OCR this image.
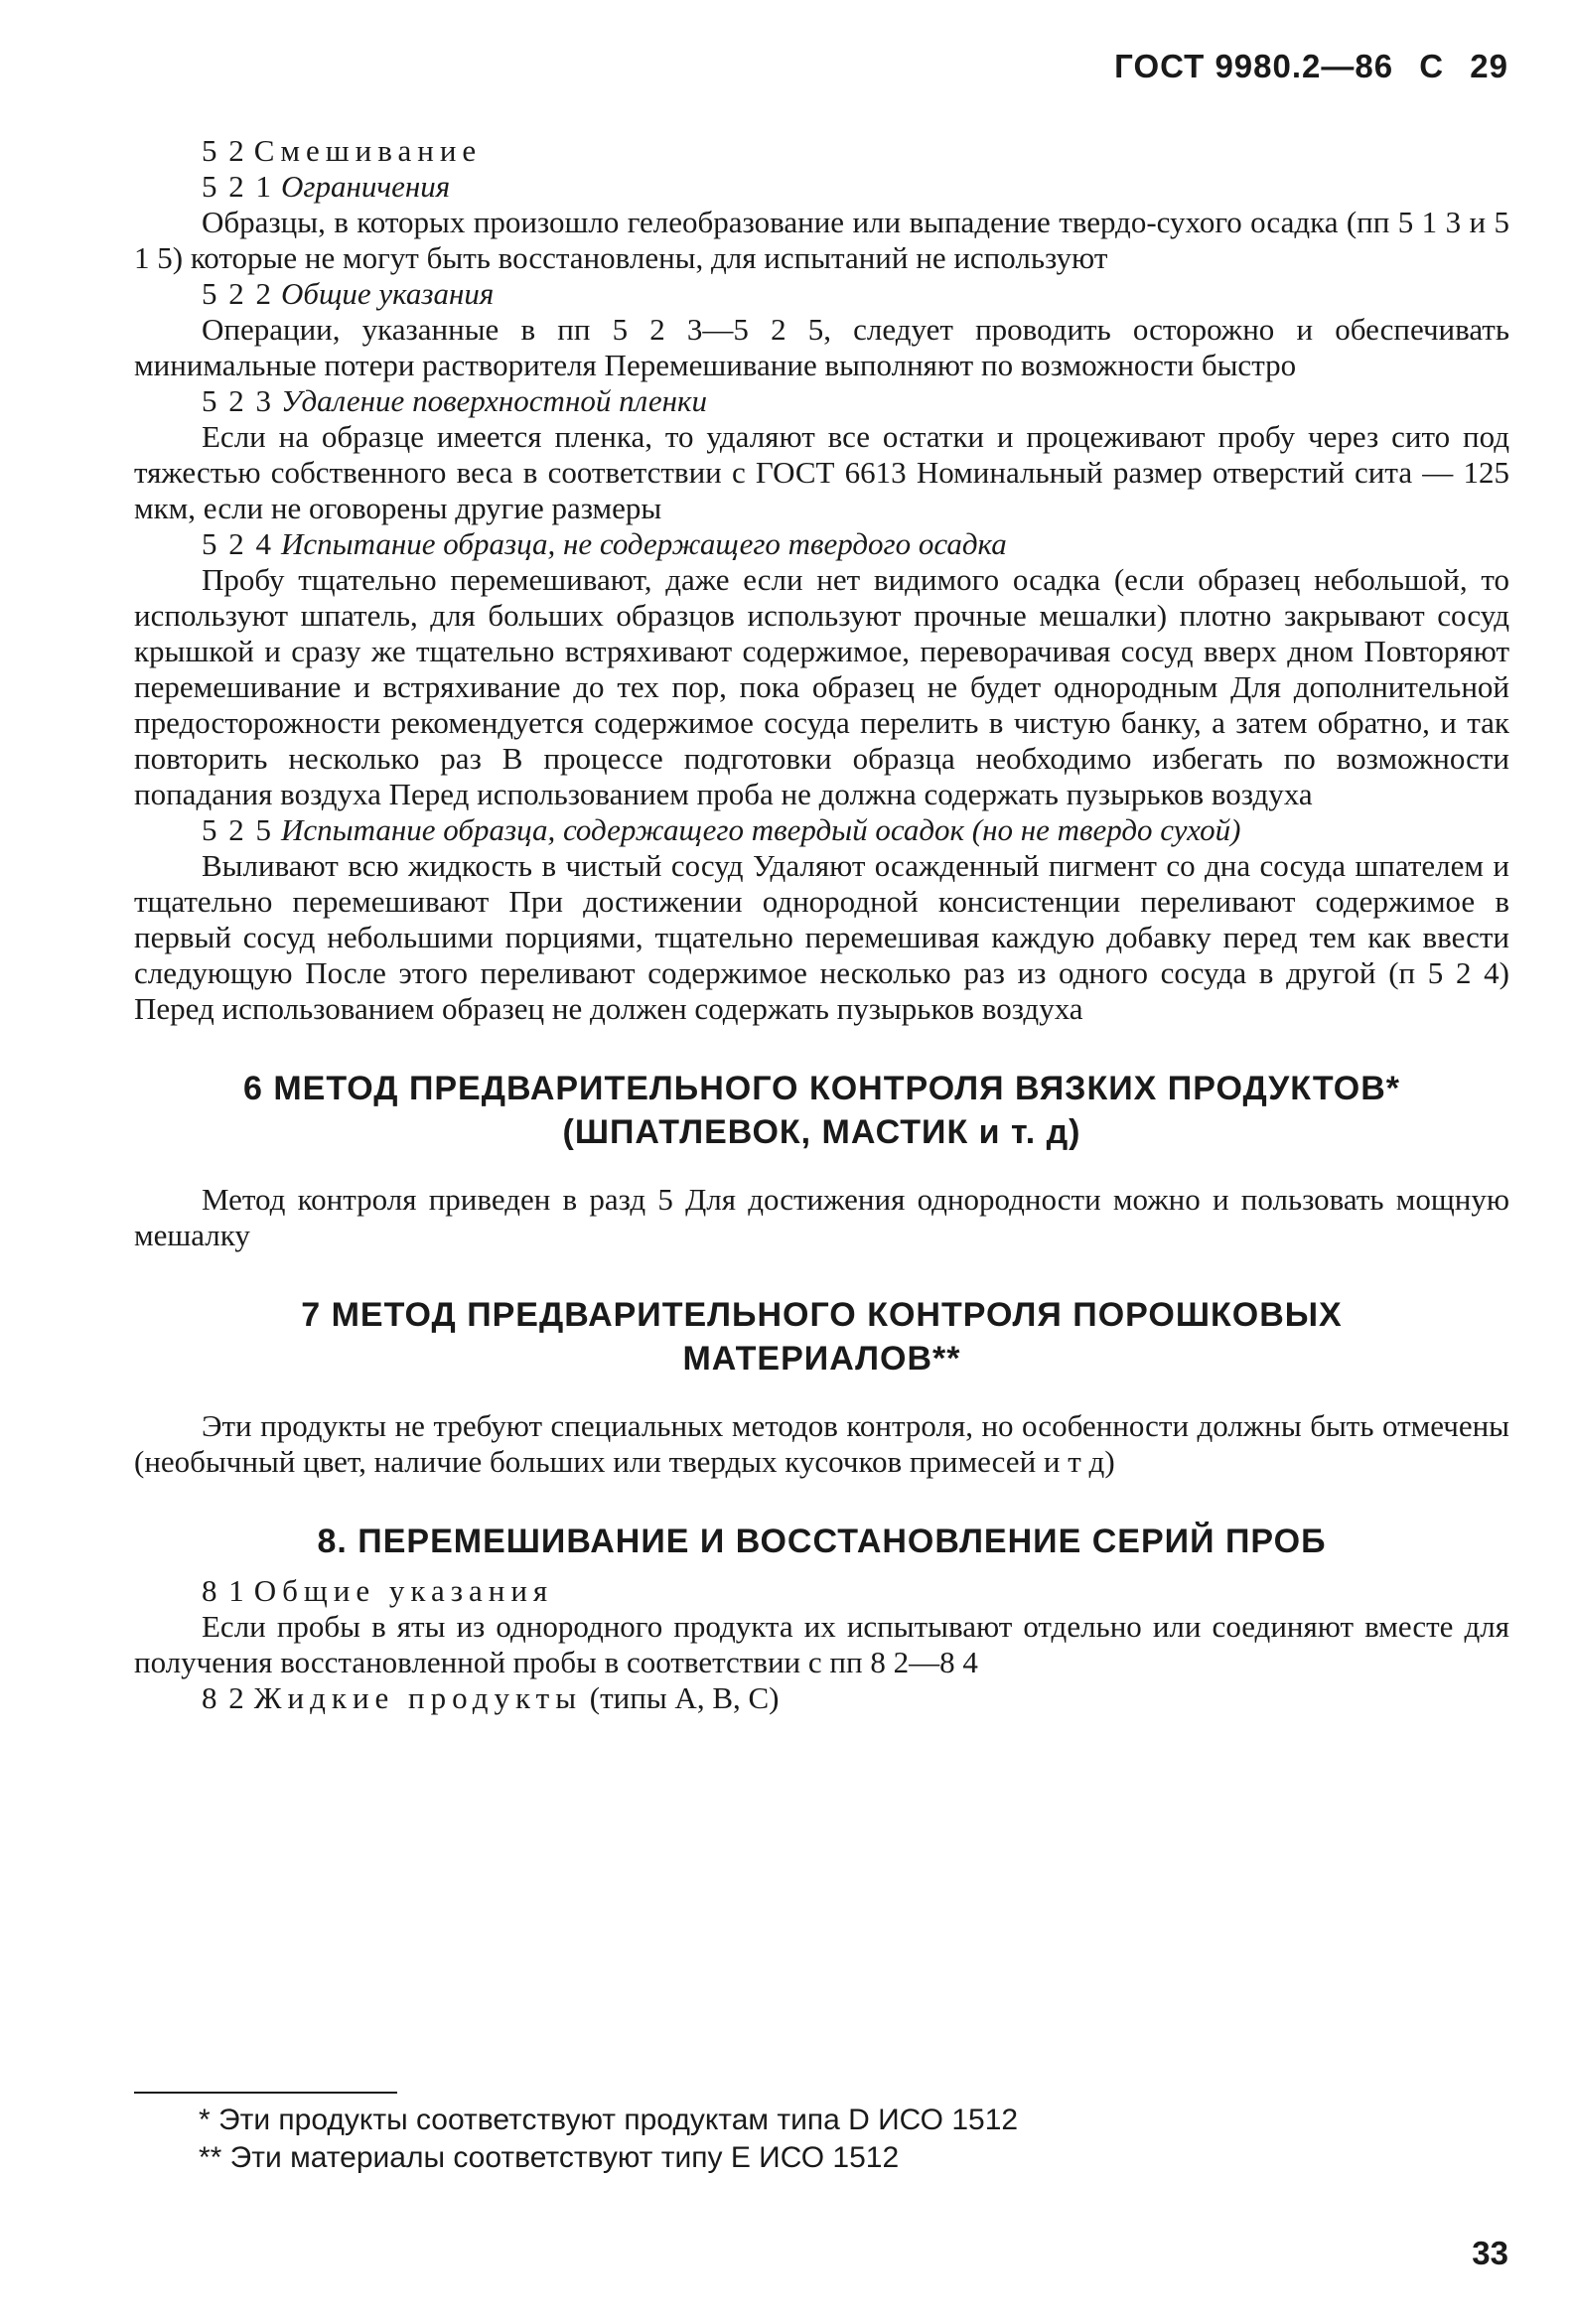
ГОСТ 9980.2—86 С 29

5 2 Смешивание

5 2 1 Ограничения

Образцы, в которых произошло гелеобразование или выпадение твердо-сухого осадка (пп 5 1 3 и 5 1 5) которые не могут быть восстановлены, для испытаний не используют

5 2 2 Общие указания

Операции, указанные в пп 5 2 3—5 2 5, следует проводить осторожно и обеспечивать минимальные потери растворителя Перемешивание выполняют по возможности быстро

5 2 3 Удаление поверхностной пленки

Если на образце имеется пленка, то удаляют все остатки и процеживают пробу через сито под тяжестью собственного веса в соответствии с ГОСТ 6613 Номинальный размер отверстий сита — 125 мкм, если не оговорены другие размеры

5 2 4 Испытание образца, не содержащего твердого осадка

Пробу тщательно перемешивают, даже если нет видимого осадка (если образец небольшой, то используют шпатель, для больших образцов используют прочные мешалки) плотно закрывают сосуд крышкой и сразу же тщательно встряхивают содержимое, переворачивая сосуд вверх дном Повторяют перемешивание и встряхивание до тех пор, пока образец не будет однородным Для дополнительной предосторожности рекомендуется содержимое сосуда перелить в чистую банку, а затем обратно, и так повторить несколько раз В процессе подготовки образца необходимо избегать по возможности попадания воздуха Перед использованием проба не должна содержать пузырьков воздуха

5 2 5 Испытание образца, содержащего твердый осадок (но не твердо сухой)

Выливают всю жидкость в чистый сосуд Удаляют осажденный пигмент со дна сосуда шпателем и тщательно перемешивают При достижении однородной консистенции переливают содержимое в первый сосуд небольшими порциями, тщательно перемешивая каждую добавку перед тем как ввести следующую После этого переливают содержимое несколько раз из одного сосуда в другой (п 5 2 4) Перед использованием образец не должен содержать пузырьков воздуха

6 МЕТОД ПРЕДВАРИТЕЛЬНОГО КОНТРОЛЯ ВЯЗКИХ ПРОДУКТОВ*
(ШПАТЛЕВОК, МАСТИК и т. д)

Метод контроля приведен в разд 5 Для достижения однородности можно и пользовать мощную мешалку

7 МЕТОД ПРЕДВАРИТЕЛЬНОГО КОНТРОЛЯ ПОРОШКОВЫХ
МАТЕРИАЛОВ**

Эти продукты не требуют специальных методов контроля, но особенности должны быть отмечены (необычный цвет, наличие больших или твердых кусочков примесей и т д)

8. ПЕРЕМЕШИВАНИЕ И ВОССТАНОВЛЕНИЕ СЕРИЙ ПРОБ

8 1 Общие указания

Если пробы в яты из однородного продукта их испытывают отдельно или соединяют вместе для получения восстановленной пробы в соответствии с пп 8 2—8 4

8 2 Жидкие продукты (типы А, В, С)

* Эти продукты соответствуют продуктам типа D ИСО 1512

** Эти материалы соответствуют типу Е ИСО 1512

33
